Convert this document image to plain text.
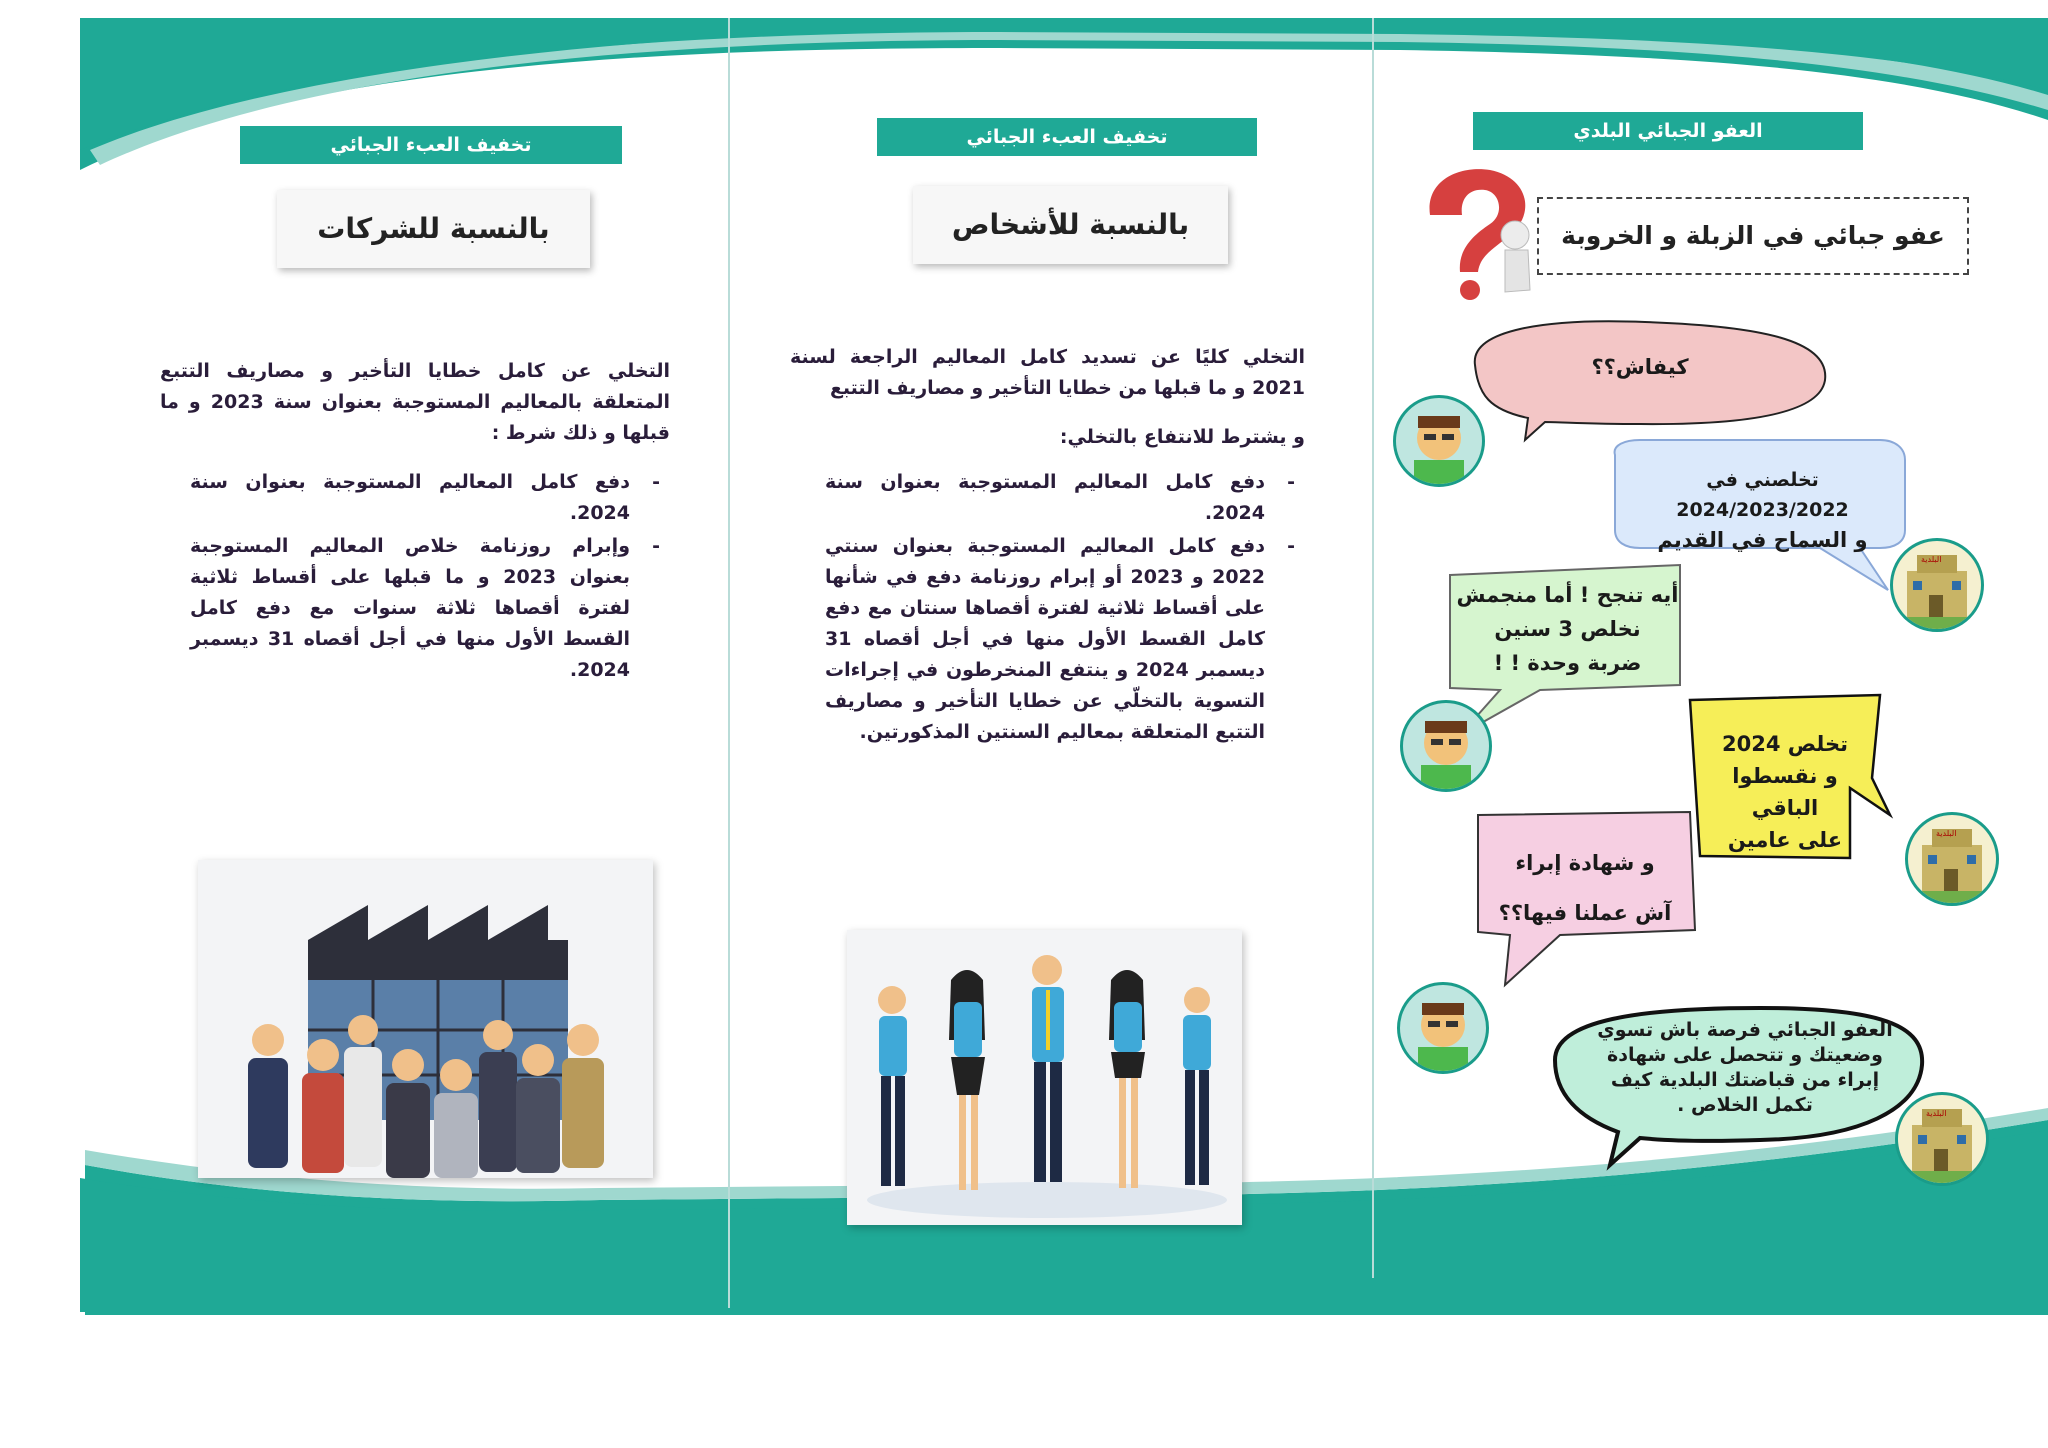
العفو الجبائي البلدي
عفو جبائي في الزبلة و الخروبة
البلدية
البلدية
البلدية
كيفاش؟؟
تخلصني في 2024/2023/2022
و السماح في القديم
أيه تنجح ! أما منجمش
نخلص 3 سنين
ضربة وحدة ! !
تخلص 2024
و نقسطوا الباقي
على عامين
و شهادة إبراء
آش عملنا فيها؟؟
العفو الجبائي فرصة باش تسوي وضعيتك و تتحصل على شهادة إبراء من قباضتك البلدية كيف تكمل الخلاص .
تخفيف العبء الجبائي
بالنسبة للأشخاص

التخلي كليًا عن تسديد كامل المعاليم الراجعة لسنة 2021 و ما قبلها من خطايا التأخير و مصاريف التتبع

و يشترط للانتفاع بالتخلي:

- دفع كامل المعاليم المستوجبة بعنوان سنة 2024.
- دفع كامل المعاليم المستوجبة بعنوان سنتي 2022 و 2023 أو إبرام روزنامة دفع في شأنها على أقساط ثلاثية لفترة أقصاها سنتان مع دفع كامل القسط الأول منها في أجل أقصاه 31 ديسمبر 2024 و ينتفع المنخرطون في إجراءات التسوية بالتخلّي عن خطايا التأخير و مصاريف التتبع المتعلقة بمعاليم السنتين المذكورتين.
تخفيف العبء الجبائي
بالنسبة للشركات

التخلي عن كامل خطايا التأخير و مصاريف التتبع المتعلقة بالمعاليم المستوجبة بعنوان سنة 2023 و ما قبلها و ذلك شرط :

- دفع كامل المعاليم المستوجبة بعنوان سنة 2024.
- وإبرام روزنامة خلاص المعاليم المستوجبة بعنوان 2023 و ما قبلها على أقساط ثلاثية لفترة أقصاها ثلاثة سنوات مع دفع كامل القسط الأول منها في أجل أقصاه 31 ديسمبر 2024.
